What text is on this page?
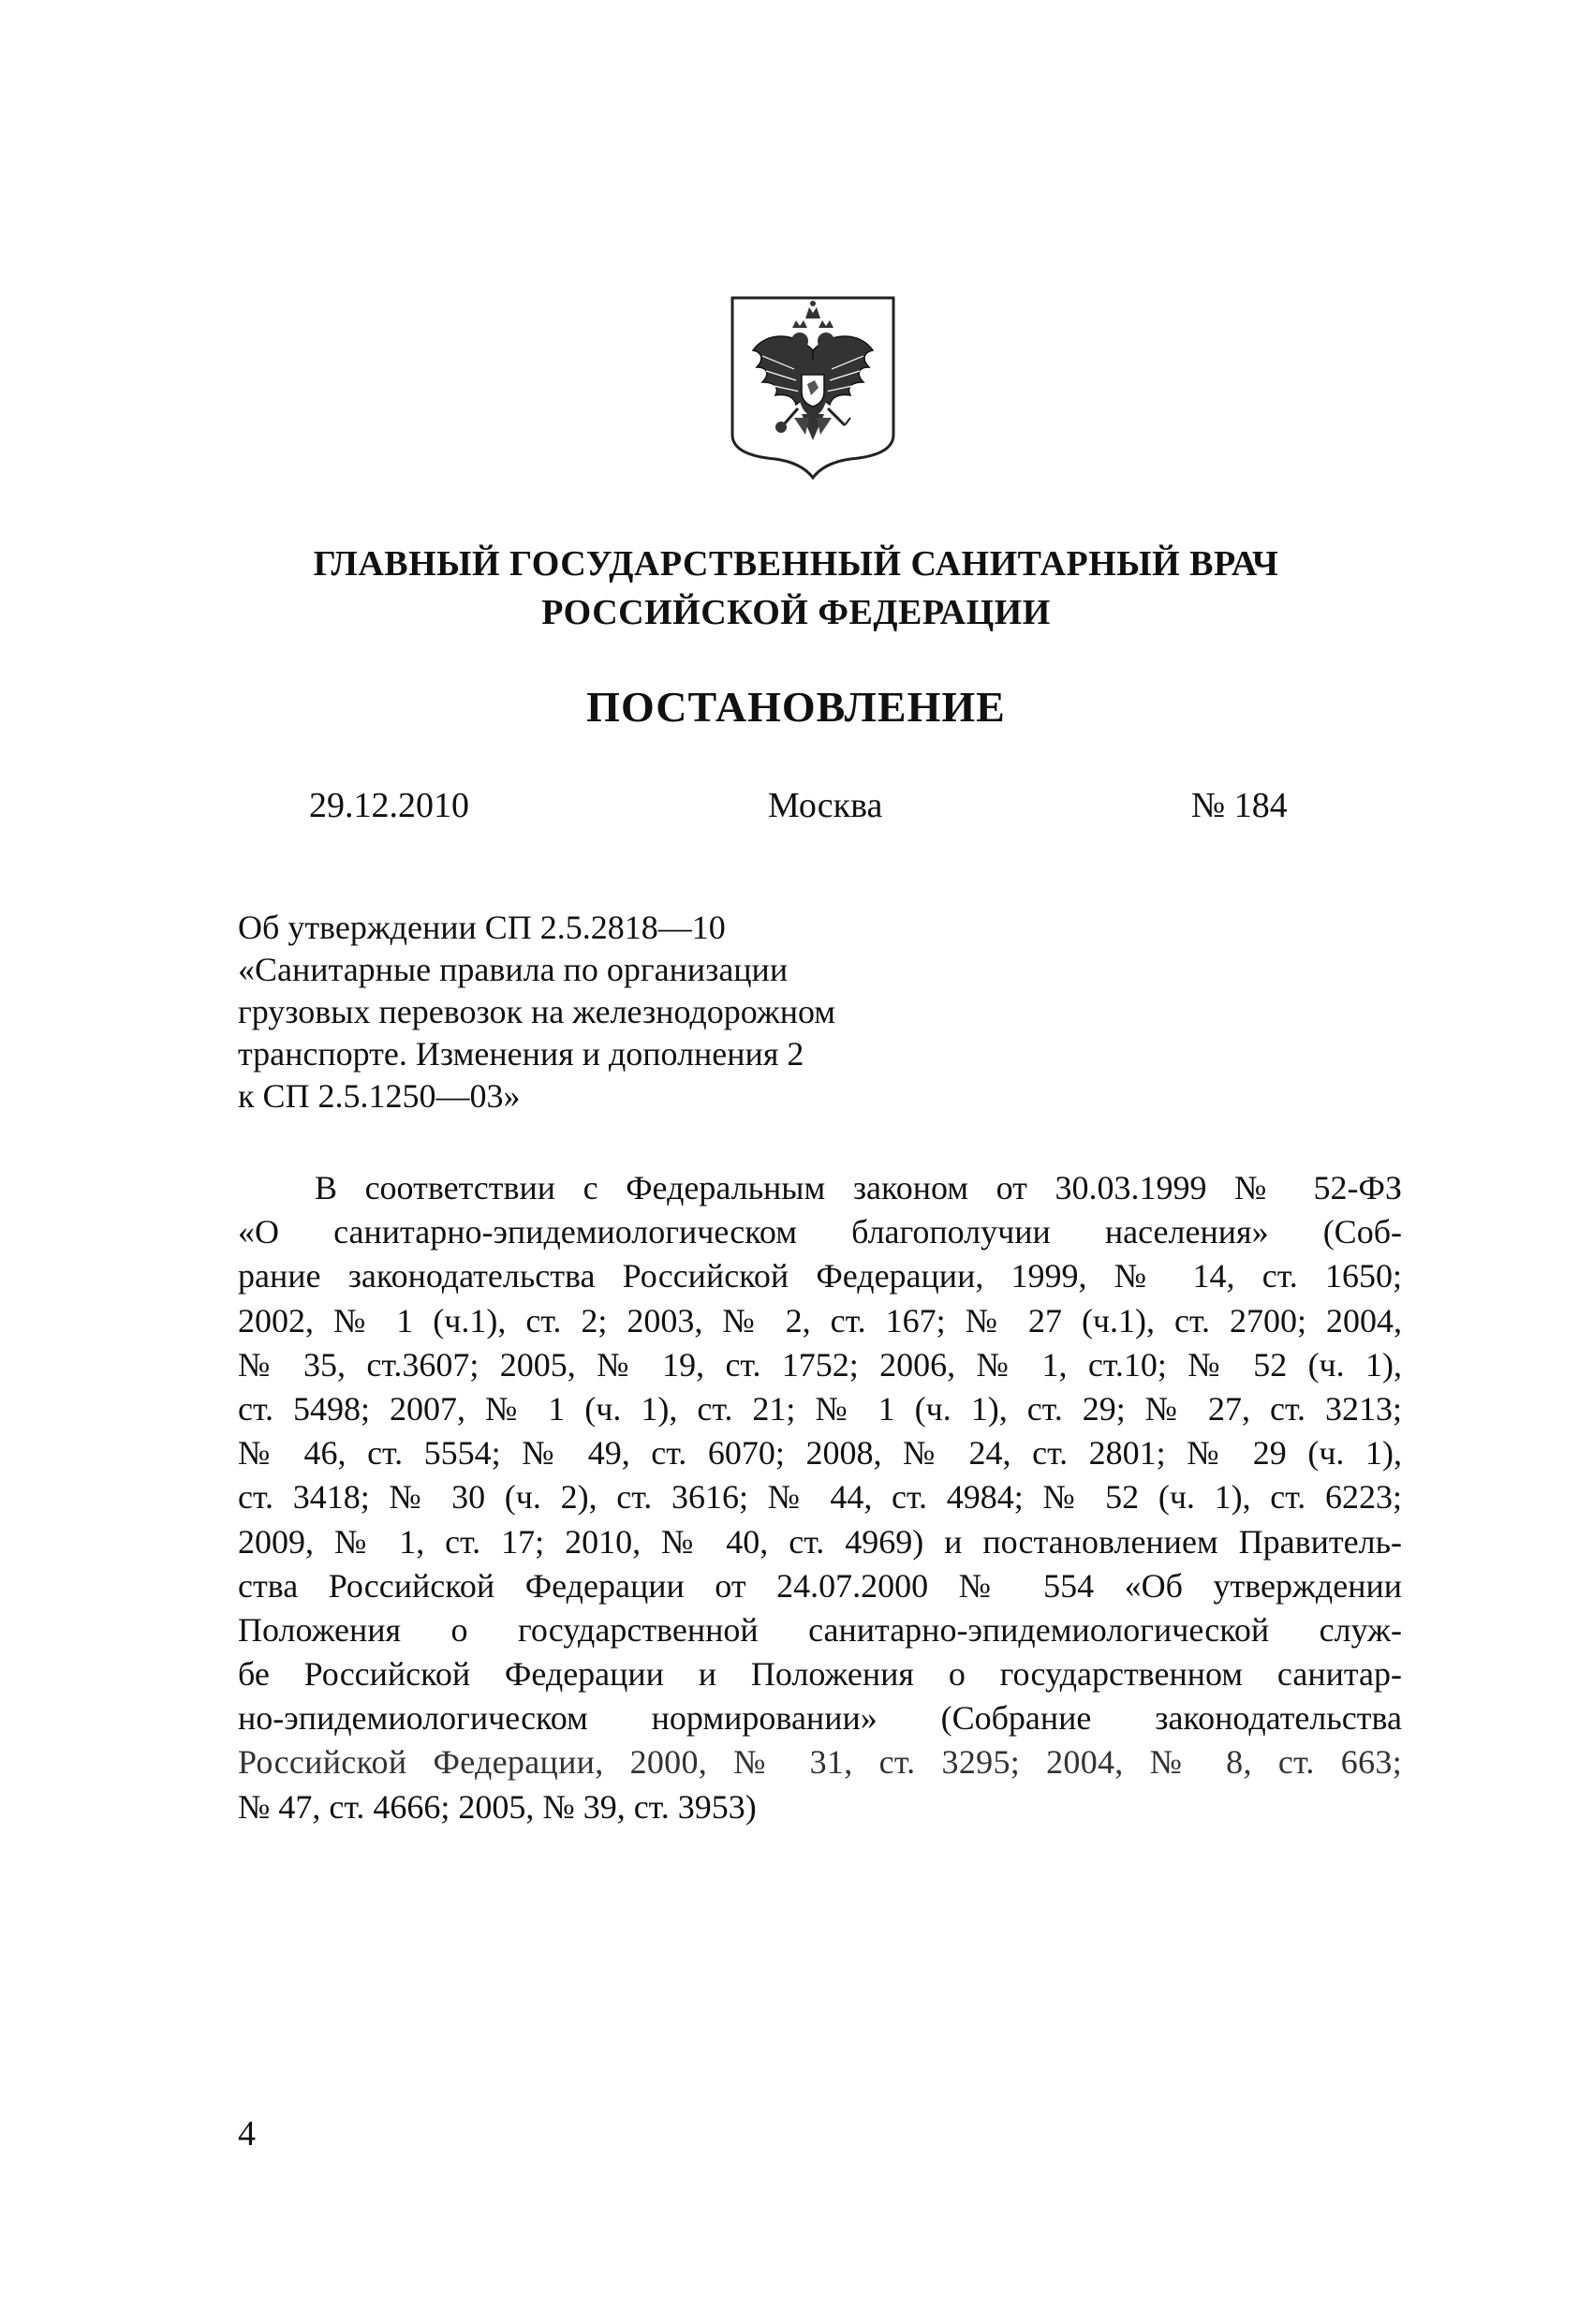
ГЛАВНЫЙ ГОСУДАРСТВЕННЫЙ САНИТАРНЫЙ ВРАЧ
РОССИЙСКОЙ ФЕДЕРАЦИИ
ПОСТАНОВЛЕНИЕ
29.12.2010	Москва	№ 184
Об утверждении СП 2.5.2818—10
«Санитарные правила по организации
грузовых перевозок на железнодорожном
транспорте. Изменения и дополнения 2
к СП 2.5.1250—03»
В соответствии с Федеральным законом от 30.03.1999 № 52-ФЗ
«О санитарно-эпидемиологическом благополучии населения» (Соб-
рание законодательства Российской Федерации, 1999, № 14, ст. 1650;
2002, № 1 (ч.1), ст. 2; 2003, № 2, ст. 167; № 27 (ч.1), ст. 2700; 2004,
№ 35, ст.3607; 2005, № 19, ст. 1752; 2006, № 1, ст.10; № 52 (ч. 1),
ст. 5498; 2007, № 1 (ч. 1), ст. 21; № 1 (ч. 1), ст. 29; № 27, ст. 3213;
№ 46, ст. 5554; № 49, ст. 6070; 2008, № 24, ст. 2801; № 29 (ч. 1),
ст. 3418; № 30 (ч. 2), ст. 3616; № 44, ст. 4984; № 52 (ч. 1), ст. 6223;
2009, № 1, ст. 17; 2010, № 40, ст. 4969) и постановлением Правитель-
ства Российской Федерации от 24.07.2000 № 554 «Об утверждении
Положения о государственной санитарно-эпидемиологической служ-
бе Российской Федерации и Положения о государственном санитар-
но-эпидемиологическом нормировании» (Собрание законодательства
Российской Федерации, 2000, № 31, ст. 3295; 2004, № 8, ст. 663;
№ 47, ст. 4666; 2005, № 39, ст. 3953)
4
